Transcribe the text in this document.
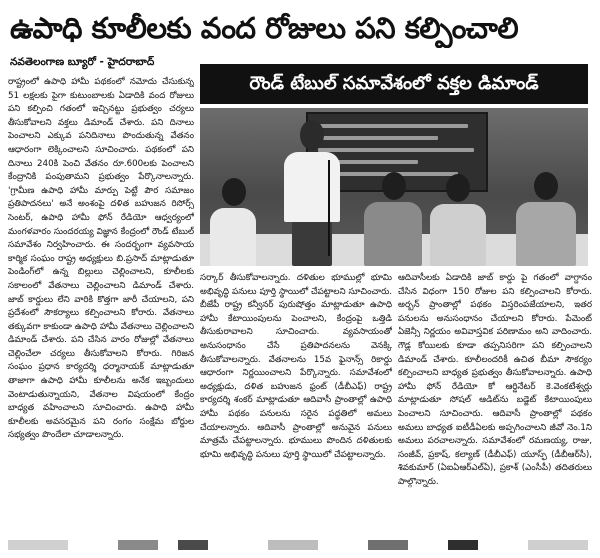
ఉపాధి కూలీలకు వంద రోజులు పని కల్పించాలి
నవతెలంగాణ బ్యూరో - హైదరాబాద్
రౌండ్ టేబుల్ సమావేశంలో వక్తల డిమాండ్

రాష్ట్రంలో ఉపాధి హామీ పథకంలో నమోదు చేసుకున్న 51 లక్షలకు పైగా కుటుంబాలకు ఏడాదికి వంద రోజులు పని కల్పించి గతంలో ఇచ్చినట్టు ప్రభుత్వం చర్యలు తీసుకోవాలని వక్తలు డిమాండ్ చేశారు. పని దినాలు పెంచాలని ఎక్కువ పనిదినాలు పొందుతున్న వేతనం ఆధారంగా లెక్కించాలని సూచించారు. పథకంలో పని దినాలు 240కి పెంచి వేతనం రూ.600లకు పెంచాలని కేంద్రానికి పంపుతామని ప్రభుత్వం పేర్కొనాలన్నారు. 'గ్రామీణ ఉపాధి హామీ మార్పు పెట్టే పౌర సమాజం ప్రతిపాదనలు' అనే అంశంపై దళిత బహుజన రిసోర్స్ సెంటర్, ఉపాధి హామీ ఫోన్ రేడియో ఆధ్వర్యంలో మంగళవారం సుందరయ్య విజ్ఞాన కేంద్రంలో రౌండ్ టేబుల్ సమావేశం నిర్వహించారు. ఈ సందర్భంగా వ్యవసాయ కార్మిక సంఘం రాష్ట్ర అధ్యక్షులు బి.ప్రసాద్ మాట్లాడుతూ పెండింగ్‌లో ఉన్న బిల్లులు చెల్లించాలని, కూలీలకు సకాలంలో వేతనాలు చెల్లించాలని డిమాండ్ చేశారు. జాబ్ కార్డులు లేని వారికి కొత్తగా జారీ చేయాలని, పని ప్రదేశంలో సౌకర్యాలు కల్పించాలని కోరారు. వేతనాలు తక్కువగా కాకుండా ఉపాధి హామీ వేతనాలు చెల్లించాలని డిమాండ్ చేశారు. పని చేసిన వారం రోజుల్లో వేతనాలు చెల్లించేలా చర్యలు తీసుకోవాలని కోరారు. గిరిజన సంఘం ప్రధాన కార్యదర్శి ధర్మానాయక్ మాట్లాడుతూ తాజాగా ఉపాధి హామీ కూలీలను అనేక ఇబ్బందులు వెంటాడుతున్నాయని, వేతనాల విషయంలో కేంద్రం బాధ్యత వహించాలని సూచించారు. ఉపాధి హామీ కూలీలకు అవసరమైన పని రంగం సంక్షేమ బోర్డుల సభ్యత్వం పొందేలా చూడాలన్నారు.

సర్కార్ తీసుకోవాలన్నారు. దళితుల భూముల్లో భూమి అభివృద్ధి పనులు పూర్తి స్థాయిలో చేపట్టాలని సూచించారు. బీజేపీ రాష్ట్ర కన్వీనర్ పురుషోత్తం మాట్లాడుతూ ఉపాధి హామీ కేటాయింపులను పెంచాలని, కేంద్రంపై ఒత్తిడి తీసుకురావాలని సూచించారు. వ్యవసాయంతో అనుసంధానం చేసే ప్రతిపాదనలను వెనక్కి తీసుకోవాలన్నారు. వేతనాలను 15వ ఫైనాన్స్ రికార్డు ఆధారంగా నిర్ణయించాలని పేర్కొన్నారు. సమావేశంలో అధ్యక్షుడు, దళిత బహుజన ఫ్రంట్ (డీబీఎఫ్) రాష్ట్ర కార్యదర్శి శంకర్ మాట్లాడుతూ ఆదివాసీ ప్రాంతాల్లో ఉపాధి హామీ పథకం పనులను సరైన పద్ధతిలో అమలు చేయాలన్నారు. ఆదివాసీ ప్రాంతాల్లో అనువైన పనులు మాత్రమే చేపట్టాలన్నారు. భూములు పొందిన దళితులకు భూమి అభివృద్ధి పనులు పూర్తి స్థాయిలో చేపట్టాలన్నారు.

ఆదివాసీలకు ఏడాదికి జాబ్ కార్డు పై గతంలో వాగ్దానం చేసిన విధంగా 150 రోజుల పని కల్పించాలని కోరారు. అర్బన్ ప్రాంతాల్లో పథకం విస్తరింపజేయాలని, ఇతర పనులను అనుసంధానం చేయాలని కోరారు. పేమెంట్ ఏజెన్సీ నిర్ణయం అవివాస్తవిక పరిణామం అని వాదించారు. గౌడ్ల కోయిలకు కూడా తప్పనిసరిగా పని కల్పించాలని డిమాండ్ చేశారు. కూలీలందరికీ ఉచిత బీమా సౌకర్యం కల్పించాలని బాధ్యత ప్రభుత్వం తీసుకోవాలన్నారు. ఉపాధి హామీ ఫోన్ రేడియో కో ఆర్డినేటర్ కె.వెంకటేశ్వర్లు మాట్లాడుతూ సోషల్ ఆడిట్‌ను బడ్జెట్ కేటాయింపులు పెంచాలని సూచించారు. ఆదివాసీ ప్రాంతాల్లో పథకం అమలు బాధ్యత ఐటీడీఏలకు అప్పగించాలని జీవో నెం.1ని అమలు పరచాలన్నారు. సమావేశంలో రమణయ్య, రాజు, సంజీవ్, ప్రకాష్, కల్యాణ్ (డీబీఎఫ్) యూస్ఫ్ (డీబీఆర్‌సీ), శివకుమార్ (ఏఐఏఆర్ఎల్ఏ), ప్రకాశ్ (ఎంసీపీ) తదితరులు పాల్గొన్నారు.
